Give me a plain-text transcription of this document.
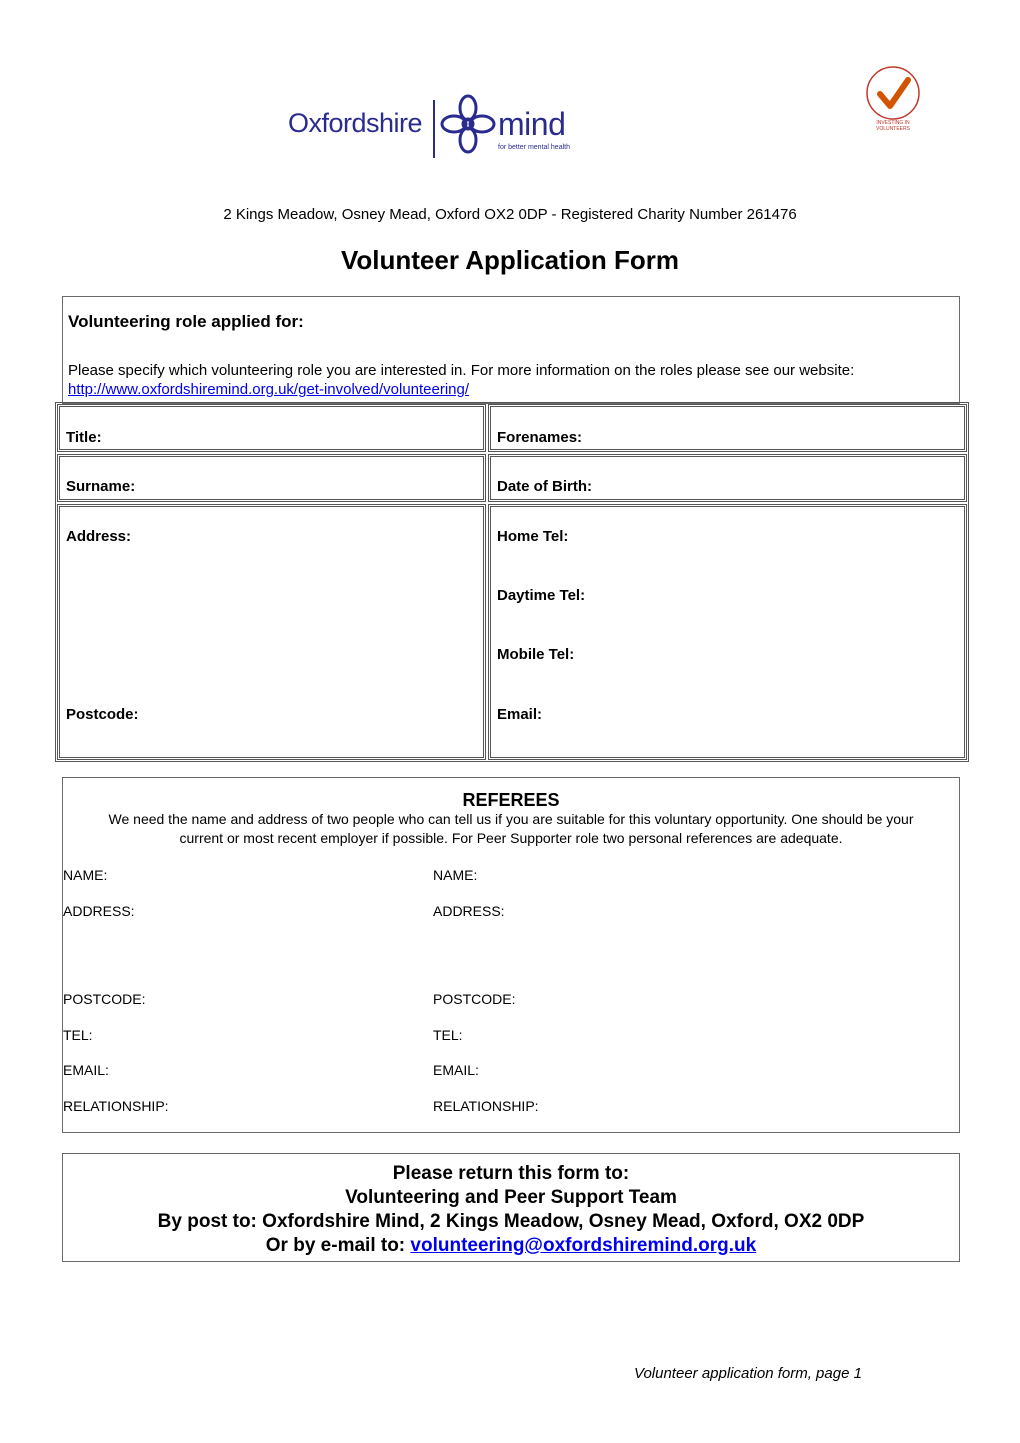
Oxfordshire mind
for better mental health
INVESTING IN VOLUNTEERS
2 Kings Meadow, Osney Mead, Oxford OX2 0DP - Registered Charity Number 261476
Volunteer Application Form
Volunteering role applied for:
Please specify which volunteering role you are interested in. For more information on the roles please see our website: http://www.oxfordshiremind.org.uk/get-involved/volunteering/
Title:	Forenames:
Surname:	Date of Birth:
Address:
Postcode:
Home Tel:
Daytime Tel:
Mobile Tel:
Email:
REFEREES
We need the name and address of two people who can tell us if you are suitable for this voluntary opportunity. One should be your
current or most recent employer if possible. For Peer Supporter role two personal references are adequate.
NAME:
ADDRESS:
POSTCODE:
TEL:
EMAIL:
RELATIONSHIP:
NAME:
ADDRESS:
POSTCODE:
TEL:
EMAIL:
RELATIONSHIP:
Please return this form to:
Volunteering and Peer Support Team
By post to: Oxfordshire Mind, 2 Kings Meadow, Osney Mead, Oxford, OX2 0DP
Or by e-mail to: volunteering@oxfordshiremind.org.uk
Volunteer application form, page 1
